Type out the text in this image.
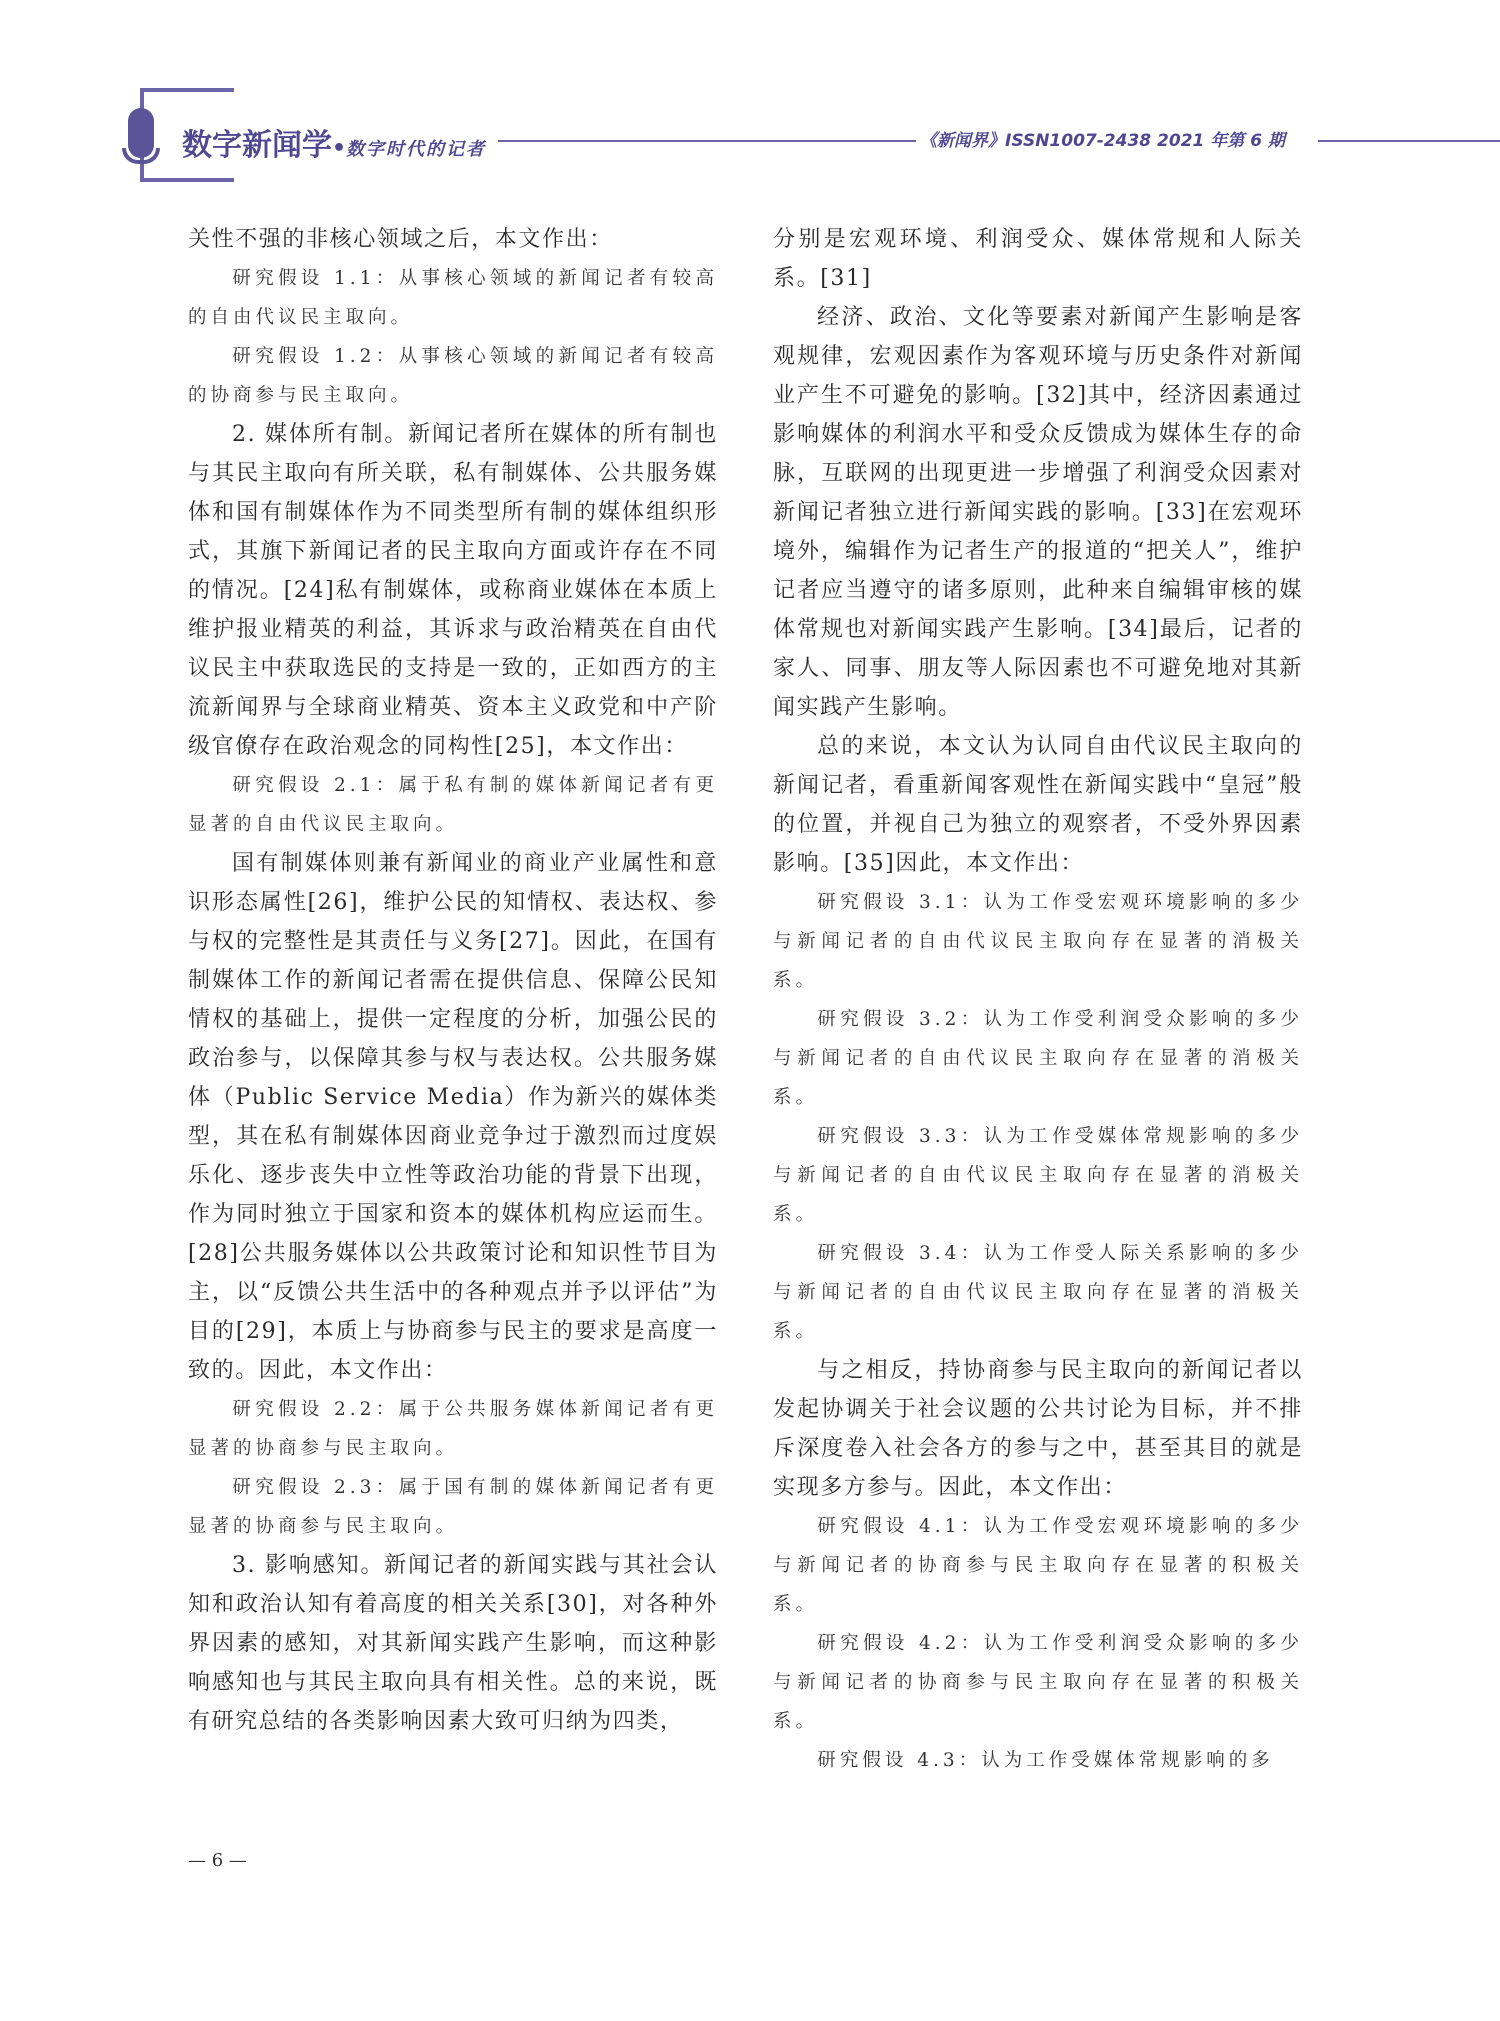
数字新闻学•数字时代的记者	《新闻界》ISSN1007-2438 2021 年第 6 期

关性不强的非核心领域之后，本文作出：

研究假设 1.1：从事核心领域的新闻记者有较高的自由代议民主取向。

研究假设 1.2：从事核心领域的新闻记者有较高的协商参与民主取向。

2. 媒体所有制。新闻记者所在媒体的所有制也与其民主取向有所关联，私有制媒体、公共服务媒体和国有制媒体作为不同类型所有制的媒体组织形式，其旗下新闻记者的民主取向方面或许存在不同的情况。[24]私有制媒体，或称商业媒体在本质上维护报业精英的利益，其诉求与政治精英在自由代议民主中获取选民的支持是一致的，正如西方的主流新闻界与全球商业精英、资本主义政党和中产阶级官僚存在政治观念的同构性[25]，本文作出：

研究假设 2.1：属于私有制的媒体新闻记者有更显著的自由代议民主取向。

国有制媒体则兼有新闻业的商业产业属性和意识形态属性[26]，维护公民的知情权、表达权、参与权的完整性是其责任与义务[27]。因此，在国有制媒体工作的新闻记者需在提供信息、保障公民知情权的基础上，提供一定程度的分析，加强公民的政治参与，以保障其参与权与表达权。公共服务媒体（Public Service Media）作为新兴的媒体类型，其在私有制媒体因商业竞争过于激烈而过度娱乐化、逐步丧失中立性等政治功能的背景下出现，作为同时独立于国家和资本的媒体机构应运而生。[28]公共服务媒体以公共政策讨论和知识性节目为主，以“反馈公共生活中的各种观点并予以评估”为目的[29]，本质上与协商参与民主的要求是高度一致的。因此，本文作出：

研究假设 2.2：属于公共服务媒体新闻记者有更显著的协商参与民主取向。

研究假设 2.3：属于国有制的媒体新闻记者有更显著的协商参与民主取向。

3. 影响感知。新闻记者的新闻实践与其社会认知和政治认知有着高度的相关关系[30]，对各种外界因素的感知，对其新闻实践产生影响，而这种影响感知也与其民主取向具有相关性。总的来说，既有研究总结的各类影响因素大致可归纳为四类，

分别是宏观环境、利润受众、媒体常规和人际关系。[31]

经济、政治、文化等要素对新闻产生影响是客观规律，宏观因素作为客观环境与历史条件对新闻业产生不可避免的影响。[32]其中，经济因素通过影响媒体的利润水平和受众反馈成为媒体生存的命脉，互联网的出现更进一步增强了利润受众因素对新闻记者独立进行新闻实践的影响。[33]在宏观环境外，编辑作为记者生产的报道的“把关人”，维护记者应当遵守的诸多原则，此种来自编辑审核的媒体常规也对新闻实践产生影响。[34]最后，记者的家人、同事、朋友等人际因素也不可避免地对其新闻实践产生影响。

总的来说，本文认为认同自由代议民主取向的新闻记者，看重新闻客观性在新闻实践中“皇冠”般的位置，并视自己为独立的观察者，不受外界因素影响。[35]因此，本文作出：

研究假设 3.1：认为工作受宏观环境影响的多少与新闻记者的自由代议民主取向存在显著的消极关系。

研究假设 3.2：认为工作受利润受众影响的多少与新闻记者的自由代议民主取向存在显著的消极关系。

研究假设 3.3：认为工作受媒体常规影响的多少与新闻记者的自由代议民主取向存在显著的消极关系。

研究假设 3.4：认为工作受人际关系影响的多少与新闻记者的自由代议民主取向存在显著的消极关系。

与之相反，持协商参与民主取向的新闻记者以发起协调关于社会议题的公共讨论为目标，并不排斥深度卷入社会各方的参与之中，甚至其目的就是实现多方参与。因此，本文作出：

研究假设 4.1：认为工作受宏观环境影响的多少与新闻记者的协商参与民主取向存在显著的积极关系。

研究假设 4.2：认为工作受利润受众影响的多少与新闻记者的协商参与民主取向存在显著的积极关系。

研究假设 4.3：认为工作受媒体常规影响的多

— 6 —
